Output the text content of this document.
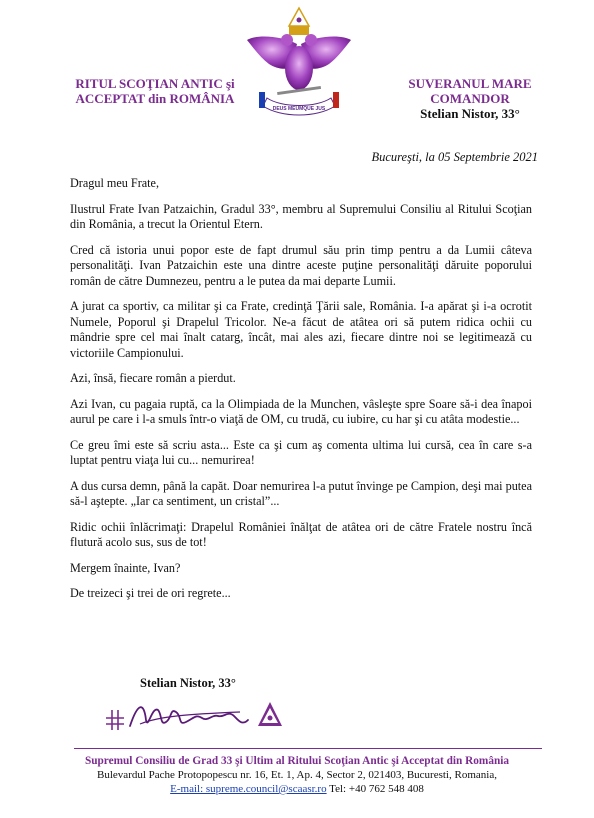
RITUL SCOŢIAN ANTIC şi
ACCEPTAT din ROMÂNIA
DEUS MEUMQUE JUS
SUVERANUL MARE COMANDOR
Stelian Nistor, 33°
Bucureşti, la 05 Septembrie 2021

Dragul meu Frate,

Ilustrul Frate Ivan Patzaichin, Gradul 33°, membru al Supremului Consiliu al Ritului Scoţian din România, a trecut la Orientul Etern.

Cred că istoria unui popor este de fapt drumul său prin timp pentru a da Lumii câteva personalităţi. Ivan Patzaichin este una dintre aceste puţine personalităţi dăruite poporului român de către Dumnezeu, pentru a le putea da mai departe Lumii.

A jurat ca sportiv, ca militar şi ca Frate, credinţă Ţării sale, România. I-a apărat şi i-a ocrotit Numele, Poporul şi Drapelul Tricolor. Ne-a făcut de atâtea ori să putem ridica ochii cu mândrie spre cel mai înalt catarg, încât, mai ales azi, fiecare dintre noi se legitimează cu victoriile Campionului.

Azi, însă, fiecare român a pierdut.

Azi Ivan, cu pagaia ruptă, ca la Olimpiada de la Munchen, vâsleşte spre Soare să-i dea înapoi aurul pe care i l-a smuls într-o viaţă de OM, cu trudă, cu iubire, cu har şi cu atâta modestie...

Ce greu îmi este să scriu asta... Este ca şi cum aş comenta ultima lui cursă, cea în care s-a luptat pentru viaţa lui cu... nemurirea!

A dus cursa demn, până la capăt. Doar nemurirea l-a putut învinge pe Campion, deşi mai putea să-l aştepte. „Iar ca sentiment, un cristal”...

Ridic ochii înlăcrimaţi: Drapelul României înălţat de atâtea ori de către Fratele nostru încă flutură acolo sus, sus de tot!

Mergem înainte, Ivan?

De treizeci şi trei de ori regrete...

Stelian Nistor, 33°
Supremul Consiliu de Grad 33 şi Ultim al Ritului Scoţian Antic şi Acceptat din România
Bulevardul Pache Protopopescu nr. 16, Et. 1, Ap. 4, Sector 2, 021403, Bucuresti, Romania,
E-mail: supreme.council@scaasr.ro Tel: +40 762 548 408
